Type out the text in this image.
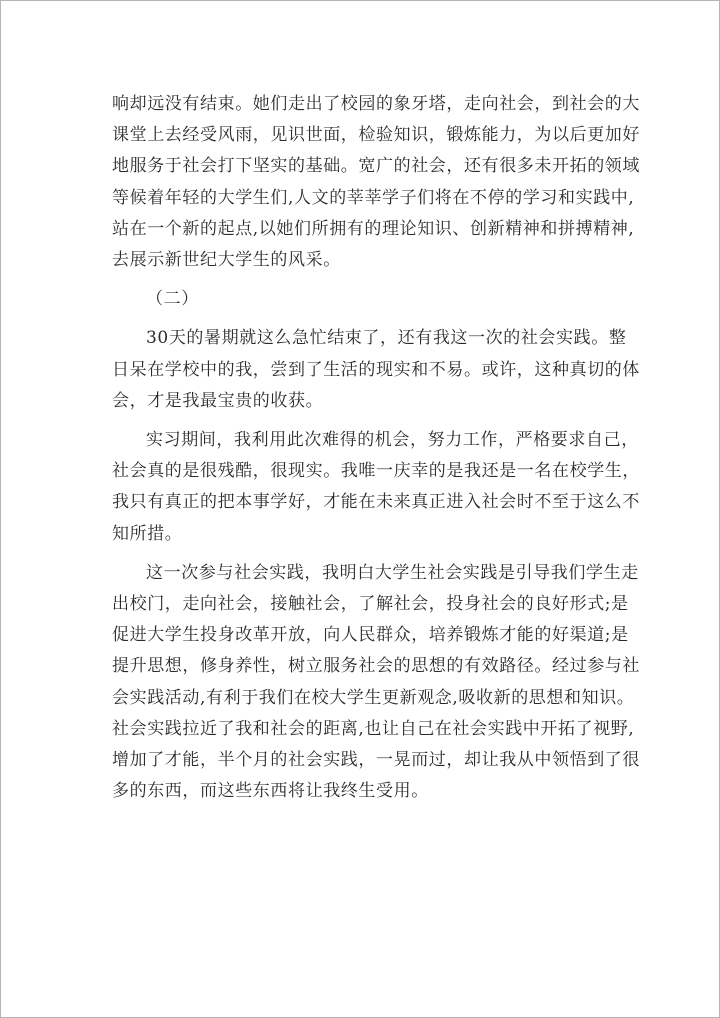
响却远没有结束。她们走出了校园的象牙塔，走向社会，到社会的大
课堂上去经受风雨，见识世面，检验知识，锻炼能力，为以后更加好
地服务于社会打下坚实的基础。宽广的社会，还有很多未开拓的领域
等候着年轻的大学生们,人文的莘莘学子们将在不停的学习和实践中,
站在一个新的起点,以她们所拥有的理论知识、创新精神和拼搏精神,
去展示新世纪大学生的风采。
（二）
30天的暑期就这么急忙结束了，还有我这一次的社会实践。整
日呆在学校中的我，尝到了生活的现实和不易。或许，这种真切的体
会，才是我最宝贵的收获。
实习期间，我利用此次难得的机会，努力工作，严格要求自己，
社会真的是很残酷，很现实。我唯一庆幸的是我还是一名在校学生，
我只有真正的把本事学好，才能在未来真正进入社会时不至于这么不
知所措。
这一次参与社会实践，我明白大学生社会实践是引导我们学生走
出校门，走向社会，接触社会，了解社会，投身社会的良好形式;是
促进大学生投身改革开放，向人民群众，培养锻炼才能的好渠道;是
提升思想，修身养性，树立服务社会的思想的有效路径。经过参与社
会实践活动,有利于我们在校大学生更新观念,吸收新的思想和知识。
社会实践拉近了我和社会的距离,也让自己在社会实践中开拓了视野,
增加了才能，半个月的社会实践，一晃而过，却让我从中领悟到了很
多的东西，而这些东西将让我终生受用。
